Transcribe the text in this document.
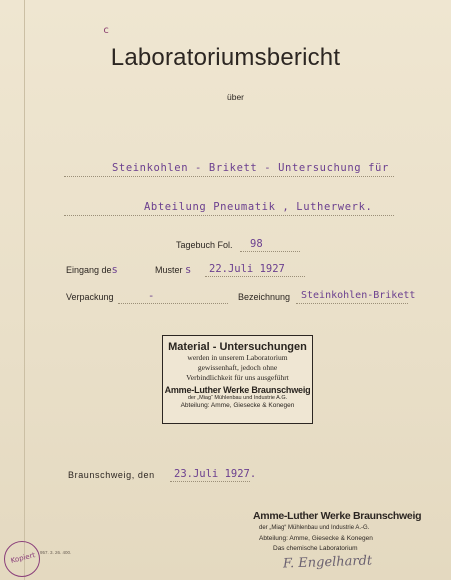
c
Laboratoriumsbericht
über
Steinkohlen - Brikett - Untersuchung für
Abteilung Pneumatik , Lutherwerk.
Tagebuch Fol. 98
Eingang des	Muster s 22.Juli 1927
Verpackung	-	Bezeichnung Steinkohlen-Brikett
Material - Untersuchungen
werden in unserem Laboratorium
gewissenhaft, jedoch ohne
Verbindlichkeit für uns ausgeführt
Amme-Luther Werke Braunschweig
der „Miag“ Mühlenbau und Industrie A.G.
Abteilung: Amme, Giesecke & Konegen
Braunschweig, den 23.Juli 1927.
Amme-Luther Werke Braunschweig
der „Miag“ Mühlenbau und Industrie A.-G.
Abteilung: Amme, Giesecke & Konegen
Das chemische Laboratorium
F. Engelhardt
957. 3. 26. 400.
Kopiert
